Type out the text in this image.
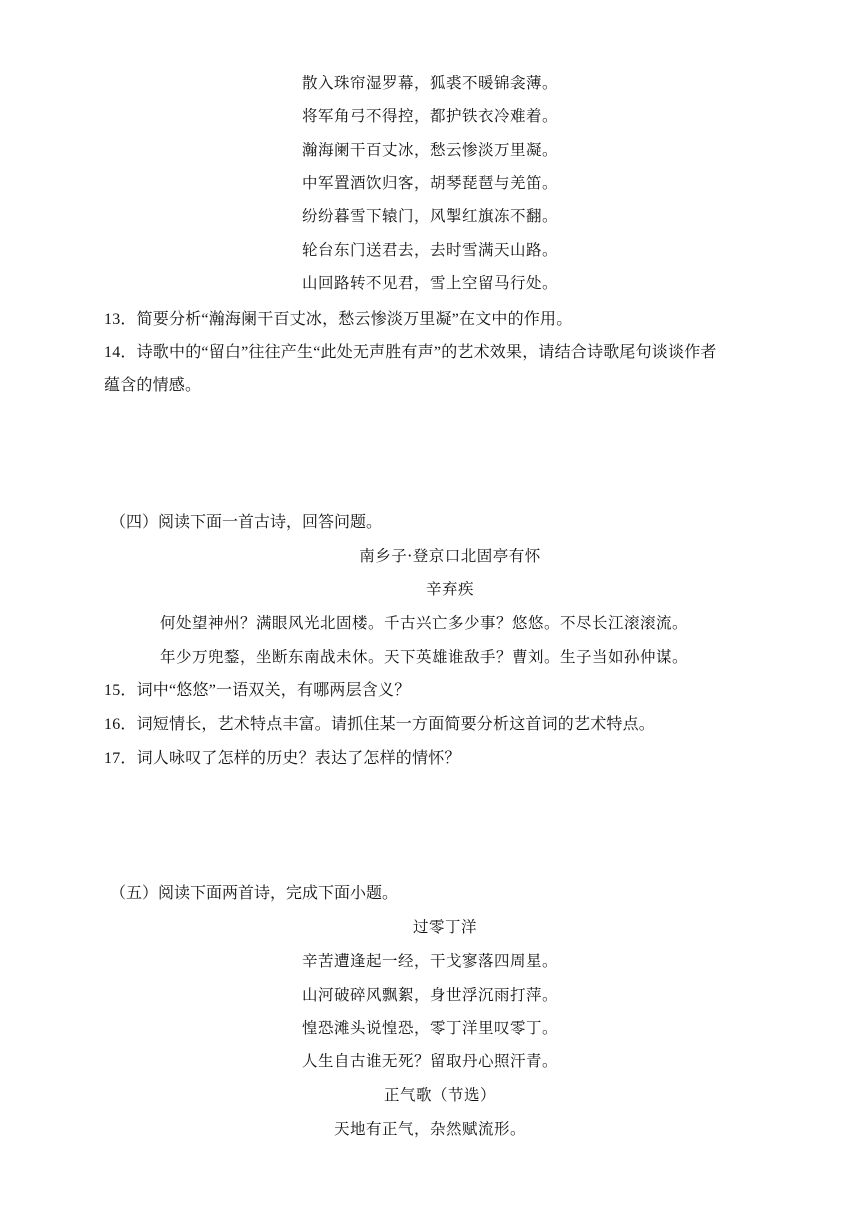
散入珠帘湿罗幕，狐裘不暖锦衾薄。
将军角弓不得控，都护铁衣冷难着。
瀚海阑干百丈冰，愁云惨淡万里凝。
中军置酒饮归客，胡琴琵琶与羌笛。
纷纷暮雪下辕门，风掣红旗冻不翻。
轮台东门送君去，去时雪满天山路。
山回路转不见君，雪上空留马行处。
13．简要分析“瀚海阑干百丈冰，愁云惨淡万里凝”在文中的作用。
14．诗歌中的“留白”往往产生“此处无声胜有声”的艺术效果，请结合诗歌尾句谈谈作者
蕴含的情感。
（四）阅读下面一首古诗，回答问题。
南乡子·登京口北固亭有怀
辛弃疾
何处望神州？满眼风光北固楼。千古兴亡多少事？悠悠。不尽长江滚滚流。
年少万兜鍪，坐断东南战未休。天下英雄谁敌手？曹刘。生子当如孙仲谋。
15．词中“悠悠”一语双关，有哪两层含义？
16．词短情长，艺术特点丰富。请抓住某一方面简要分析这首词的艺术特点。
17．词人咏叹了怎样的历史？表达了怎样的情怀？
（五）阅读下面两首诗，完成下面小题。
过零丁洋
辛苦遭逢起一经，干戈寥落四周星。
山河破碎风飘絮，身世浮沉雨打萍。
惶恐滩头说惶恐，零丁洋里叹零丁。
人生自古谁无死？留取丹心照汗青。
正气歌（节选）
天地有正气，杂然赋流形。
